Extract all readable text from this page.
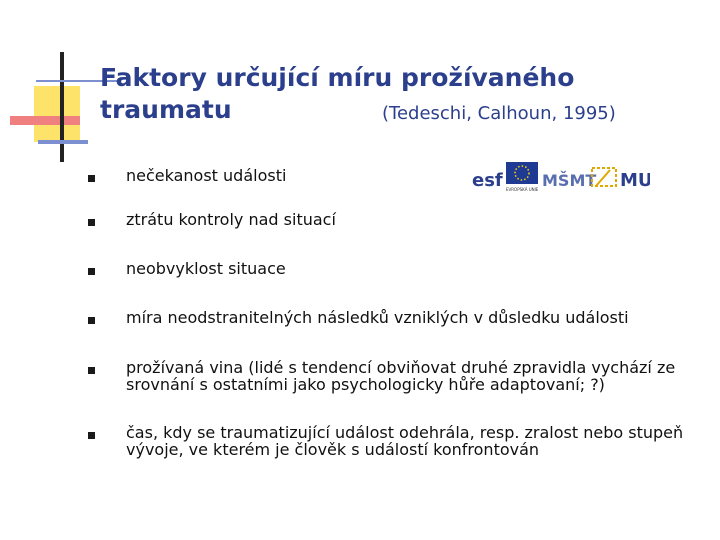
Faktory určující míru prožívaného
traumatu	(Tedeschi, Calhoun, 1995)
esf EVROPSKÁ UNIE MŠMT MU
nečekanost události
ztrátu kontroly nad situací
neobvyklost situace
míra neodstranitelných následků vzniklých v důsledku události
prožívaná vina (lidé s tendencí obviňovat druhé zpravidla vychází ze srovnání s ostatními jako psychologicky hůře adaptovaní; ?)
čas, kdy se traumatizující událost odehrála, resp. zralost nebo stupeň vývoje, ve kterém je člověk s událostí konfrontován
